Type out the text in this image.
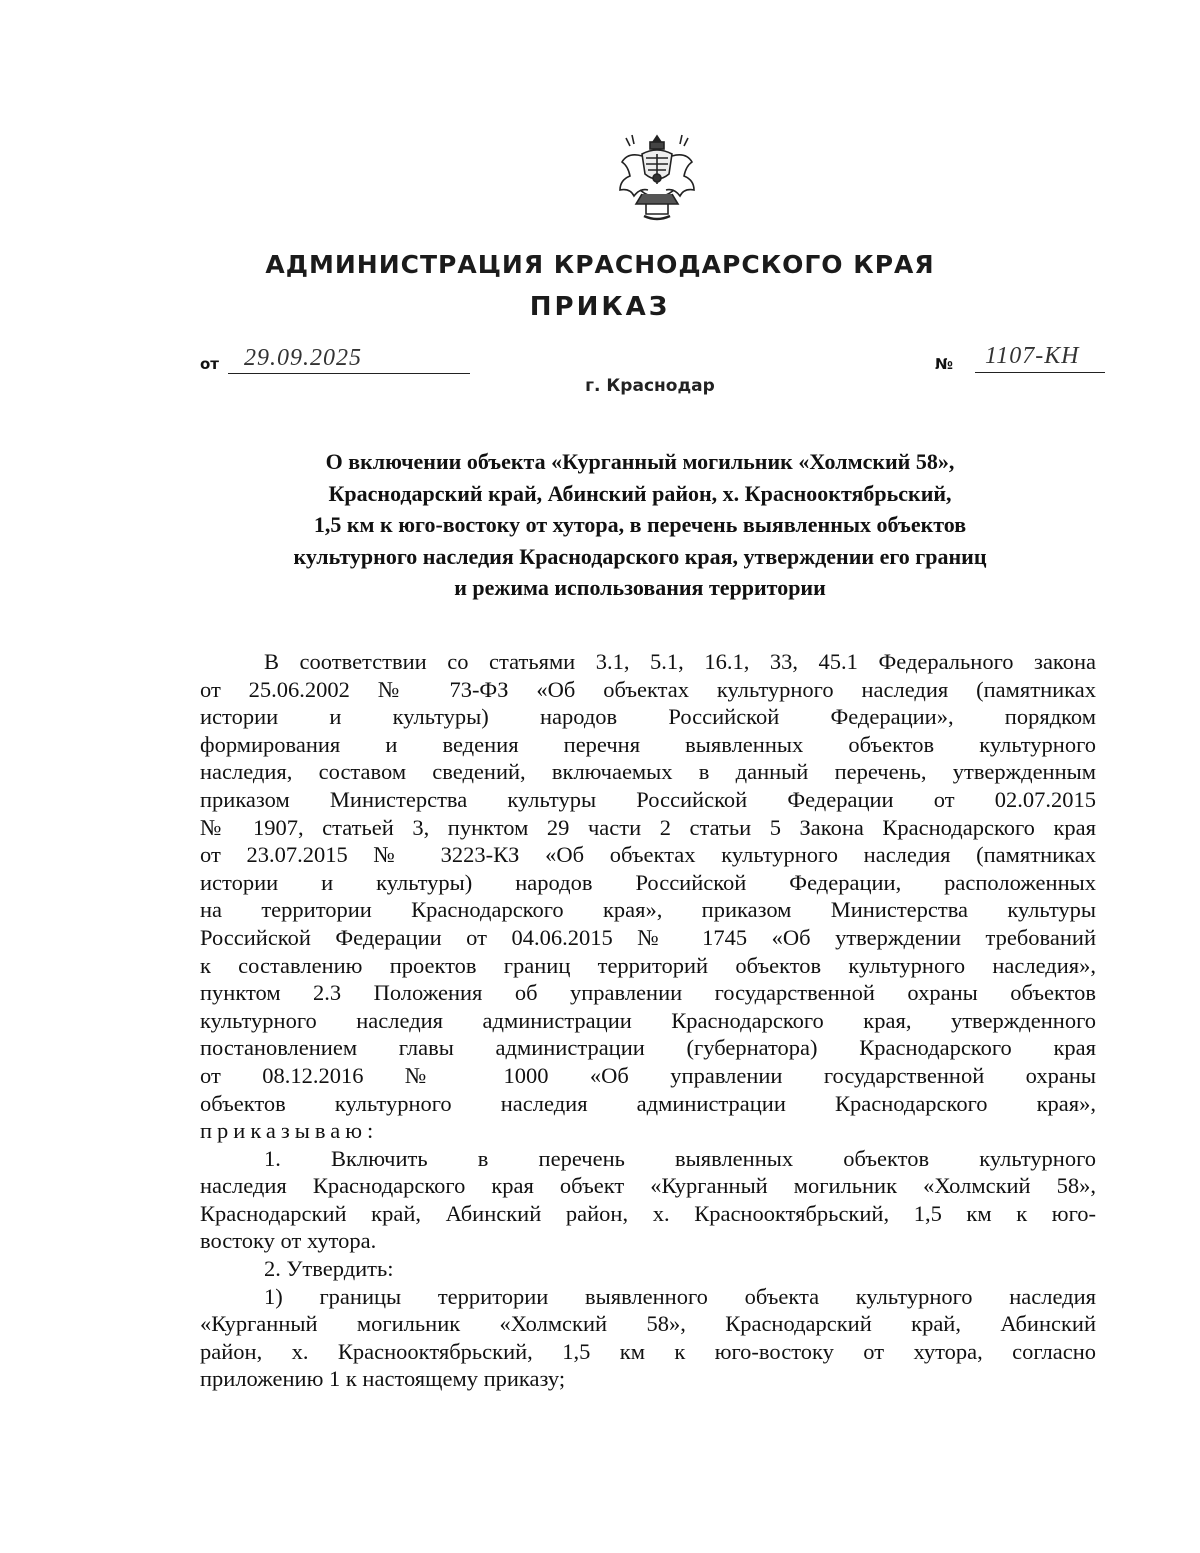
АДМИНИСТРАЦИЯ КРАСНОДАРСКОГО КРАЯ
ПРИКАЗ
от 29.09.2025	№ 1107-КН
г. Краснодар
О включении объекта «Курганный могильник «Холмский 58»,
Краснодарский край, Абинский район, х. Краснооктябрьский,
1,5 км к юго-востоку от хутора, в перечень выявленных объектов
культурного наследия Краснодарского края, утверждении его границ
и режима использования территории
В соответствии со статьями 3.1, 5.1, 16.1, 33, 45.1 Федерального закона
от 25.06.2002 № 73-ФЗ «Об объектах культурного наследия (памятниках
истории и культуры) народов Российской Федерации», порядком
формирования и ведения перечня выявленных объектов культурного
наследия, составом сведений, включаемых в данный перечень, утвержденным
приказом Министерства культуры Российской Федерации от 02.07.2015
№ 1907, статьей 3, пунктом 29 части 2 статьи 5 Закона Краснодарского края
от 23.07.2015 № 3223-КЗ «Об объектах культурного наследия (памятниках
истории и культуры) народов Российской Федерации, расположенных
на территории Краснодарского края», приказом Министерства культуры
Российской Федерации от 04.06.2015 № 1745 «Об утверждении требований
к составлению проектов границ территорий объектов культурного наследия»,
пунктом 2.3 Положения об управлении государственной охраны объектов
культурного наследия администрации Краснодарского края, утвержденного
постановлением главы администрации (губернатора) Краснодарского края
от 08.12.2016 № 1000 «Об управлении государственной охраны
объектов культурного наследия администрации Краснодарского края»,
приказываю:
1. Включить в перечень выявленных объектов культурного
наследия Краснодарского края объект «Курганный могильник «Холмский 58»,
Краснодарский край, Абинский район, х. Краснооктябрьский, 1,5 км к юго-
востоку от хутора.
2. Утвердить:
1) границы территории выявленного объекта культурного наследия
«Курганный могильник «Холмский 58», Краснодарский край, Абинский
район, х. Краснооктябрьский, 1,5 км к юго-востоку от хутора, согласно
приложению 1 к настоящему приказу;
